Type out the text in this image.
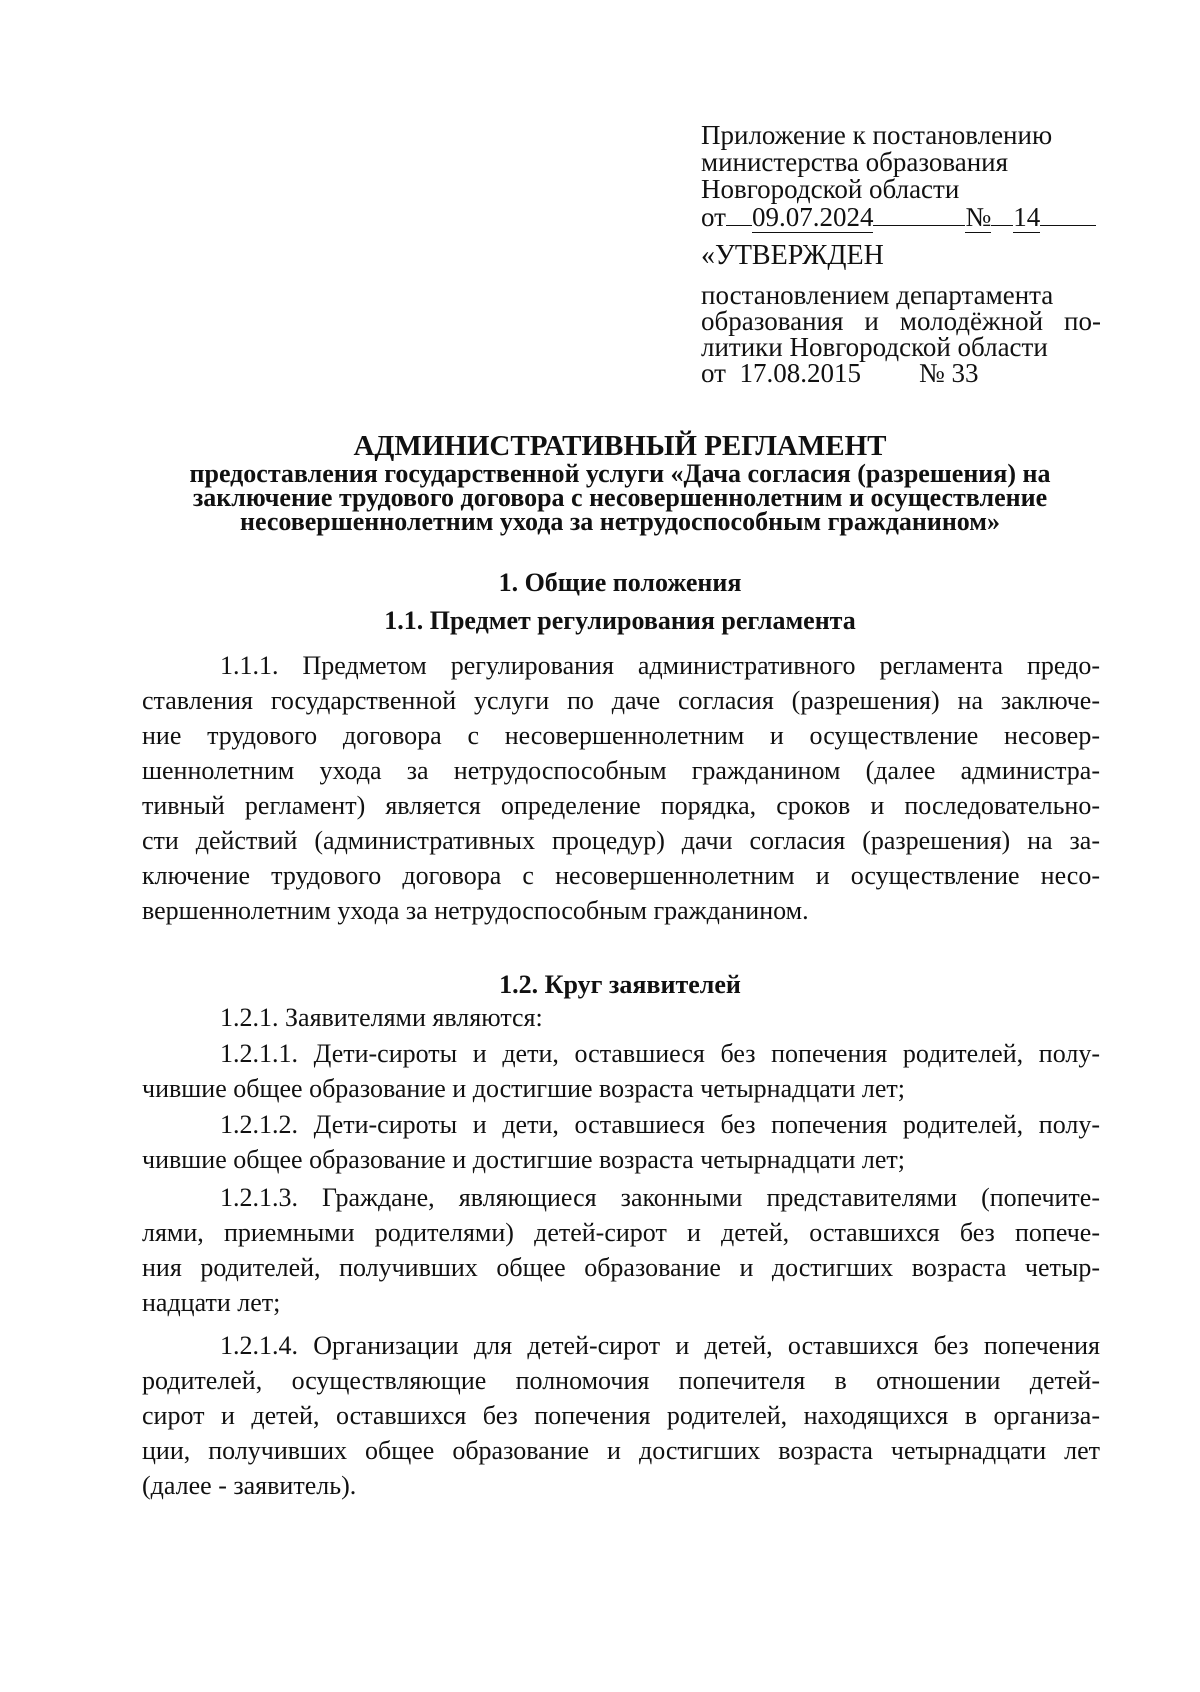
Приложение к постановлению
министерства образования
Новгородской области
от 09.07.2024	№ 14
«УТВЕРЖДЕН
постановлением департамента
образования и молодёжной по-
литики Новгородской области
от 17.08.2015 № 33
АДМИНИСТРАТИВНЫЙ РЕГЛАМЕНТ
предоставления государственной услуги «Дача согласия (разрешения) на
заключение трудового договора с несовершеннолетним и осуществление
несовершеннолетним ухода за нетрудоспособным гражданином»
1. Общие положения
1.1. Предмет регулирования регламента
1.1.1. Предметом регулирования административного регламента предо-
ставления государственной услуги по даче согласия (разрешения) на заключе-
ние трудового договора с несовершеннолетним и осуществление несовер-
шеннолетним ухода за нетрудоспособным гражданином (далее администра-
тивный регламент) является определение порядка, сроков и последовательно-
сти действий (административных процедур) дачи согласия (разрешения) на за-
ключение трудового договора с несовершеннолетним и осуществление несо-
вершеннолетним ухода за нетрудоспособным гражданином.
1.2. Круг заявителей
1.2.1. Заявителями являются:
1.2.1.1. Дети-сироты и дети, оставшиеся без попечения родителей, полу-
чившие общее образование и достигшие возраста четырнадцати лет;
1.2.1.2. Дети-сироты и дети, оставшиеся без попечения родителей, полу-
чившие общее образование и достигшие возраста четырнадцати лет;
1.2.1.3. Граждане, являющиеся законными представителями (попечите-
лями, приемными родителями) детей-сирот и детей, оставшихся без попече-
ния родителей, получивших общее образование и достигших возраста четыр-
надцати лет;
1.2.1.4. Организации для детей-сирот и детей, оставшихся без попечения
родителей, осуществляющие полномочия попечителя в отношении детей-
сирот и детей, оставшихся без попечения родителей, находящихся в организа-
ции, получивших общее образование и достигших возраста четырнадцати лет
(далее - заявитель).
